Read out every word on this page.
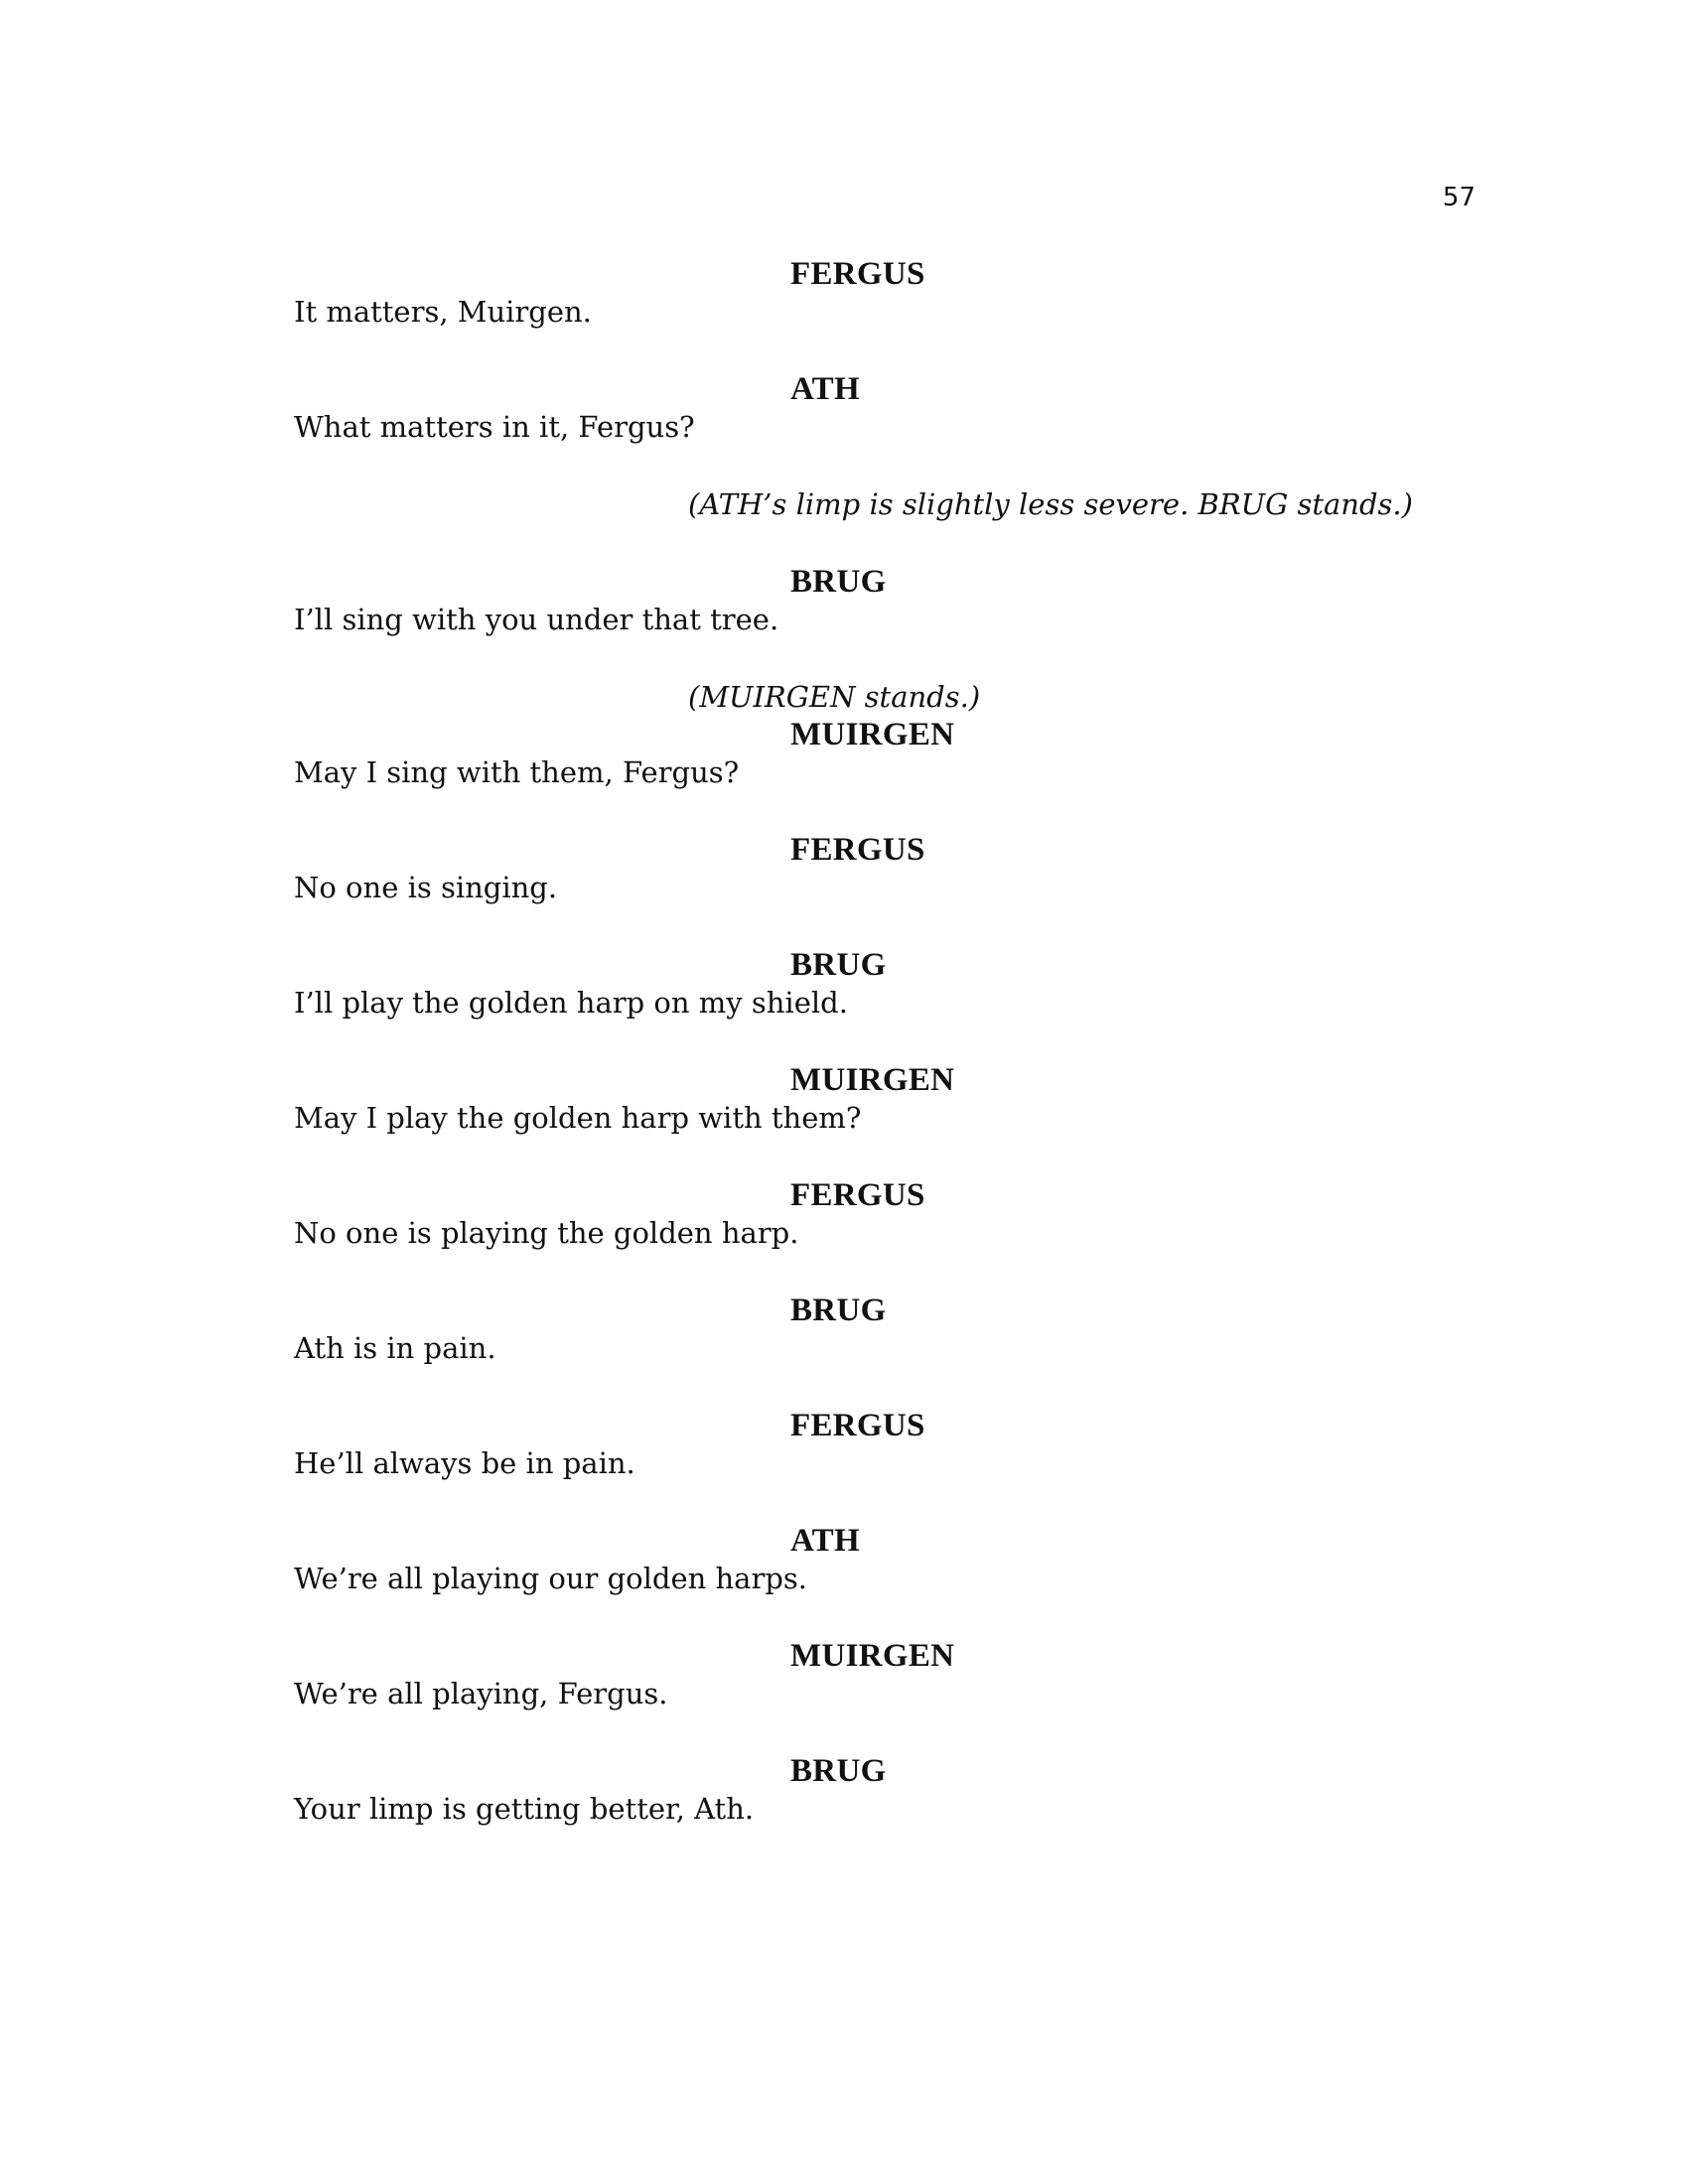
57
FERGUS
It matters, Muirgen.
ATH
What matters in it, Fergus?
(ATH’s limp is slightly less severe. BRUG stands.)
BRUG
I’ll sing with you under that tree.
(MUIRGEN stands.)
MUIRGEN
May I sing with them, Fergus?
FERGUS
No one is singing.
BRUG
I’ll play the golden harp on my shield.
MUIRGEN
May I play the golden harp with them?
FERGUS
No one is playing the golden harp.
BRUG
Ath is in pain.
FERGUS
He’ll always be in pain.
ATH
We’re all playing our golden harps.
MUIRGEN
We’re all playing, Fergus.
BRUG
Your limp is getting better, Ath.
